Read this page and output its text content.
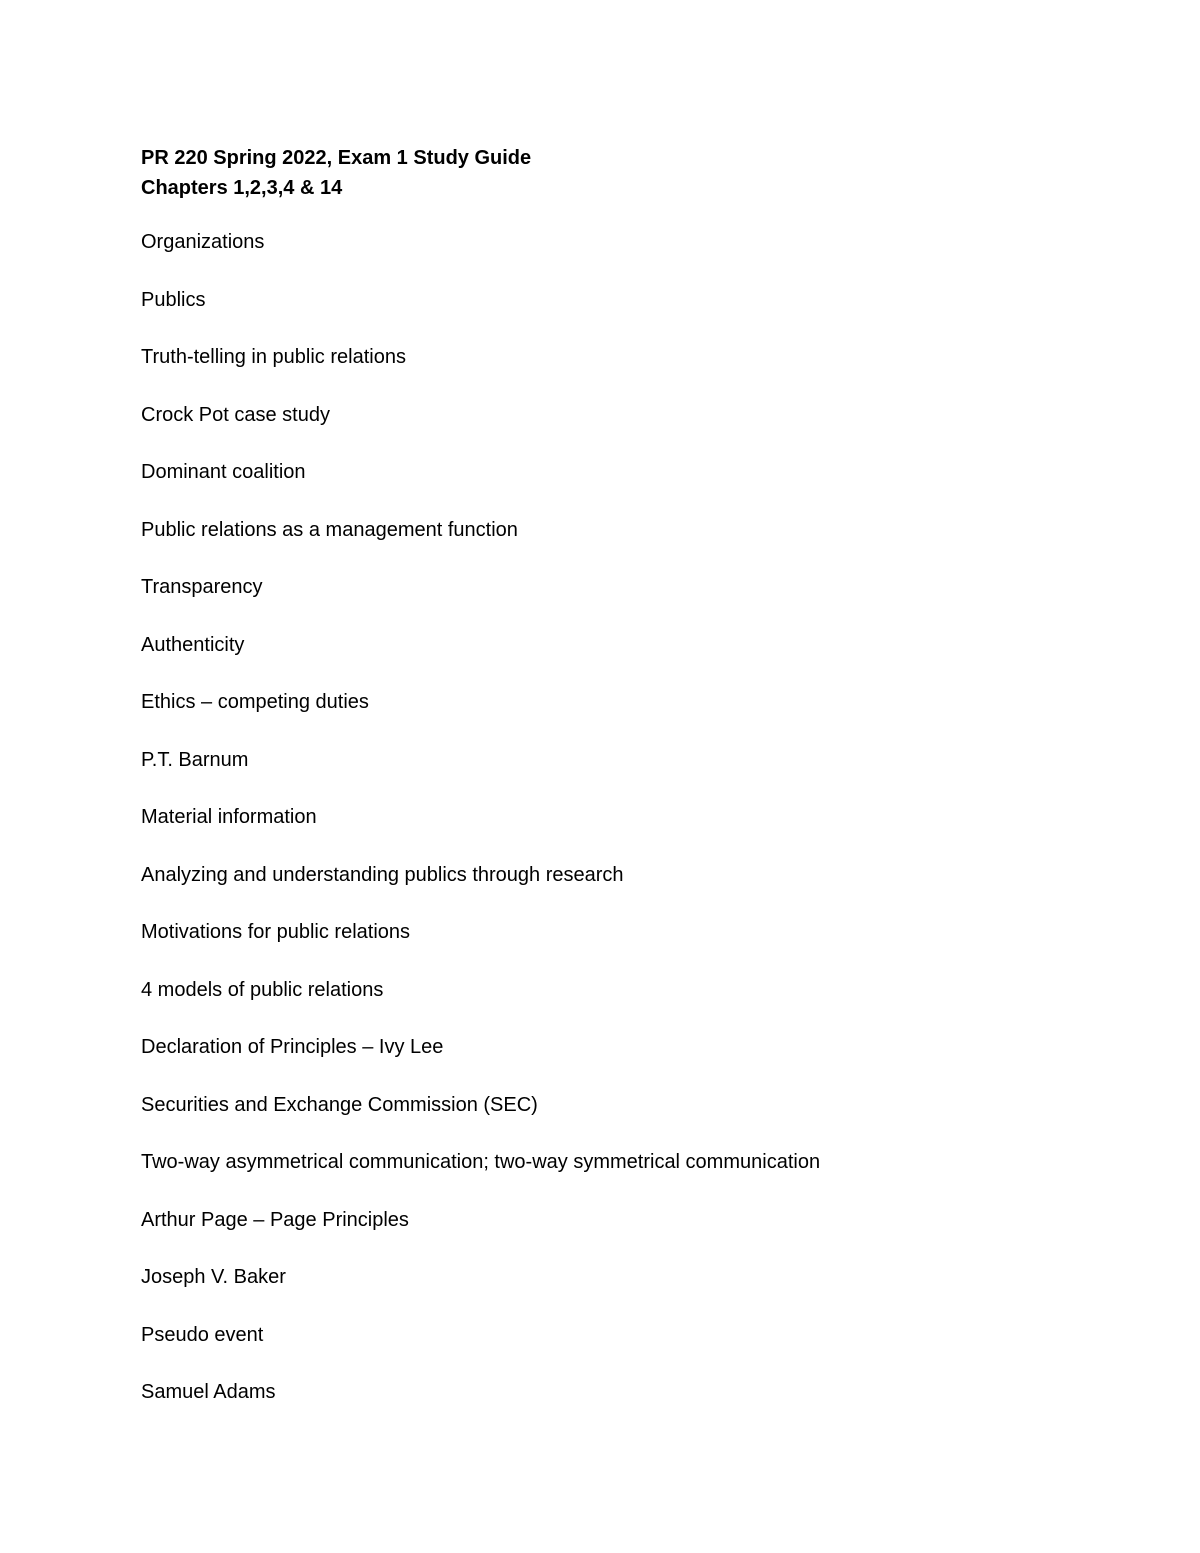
PR 220 Spring 2022, Exam 1 Study Guide
Chapters 1,2,3,4 & 14
Organizations
Publics
Truth-telling in public relations
Crock Pot case study
Dominant coalition
Public relations as a management function
Transparency
Authenticity
Ethics – competing duties
P.T. Barnum
Material information
Analyzing and understanding publics through research
Motivations for public relations
4 models of public relations
Declaration of Principles – Ivy Lee
Securities and Exchange Commission (SEC)
Two-way asymmetrical communication; two-way symmetrical communication
Arthur Page – Page Principles
Joseph V. Baker
Pseudo event
Samuel Adams
